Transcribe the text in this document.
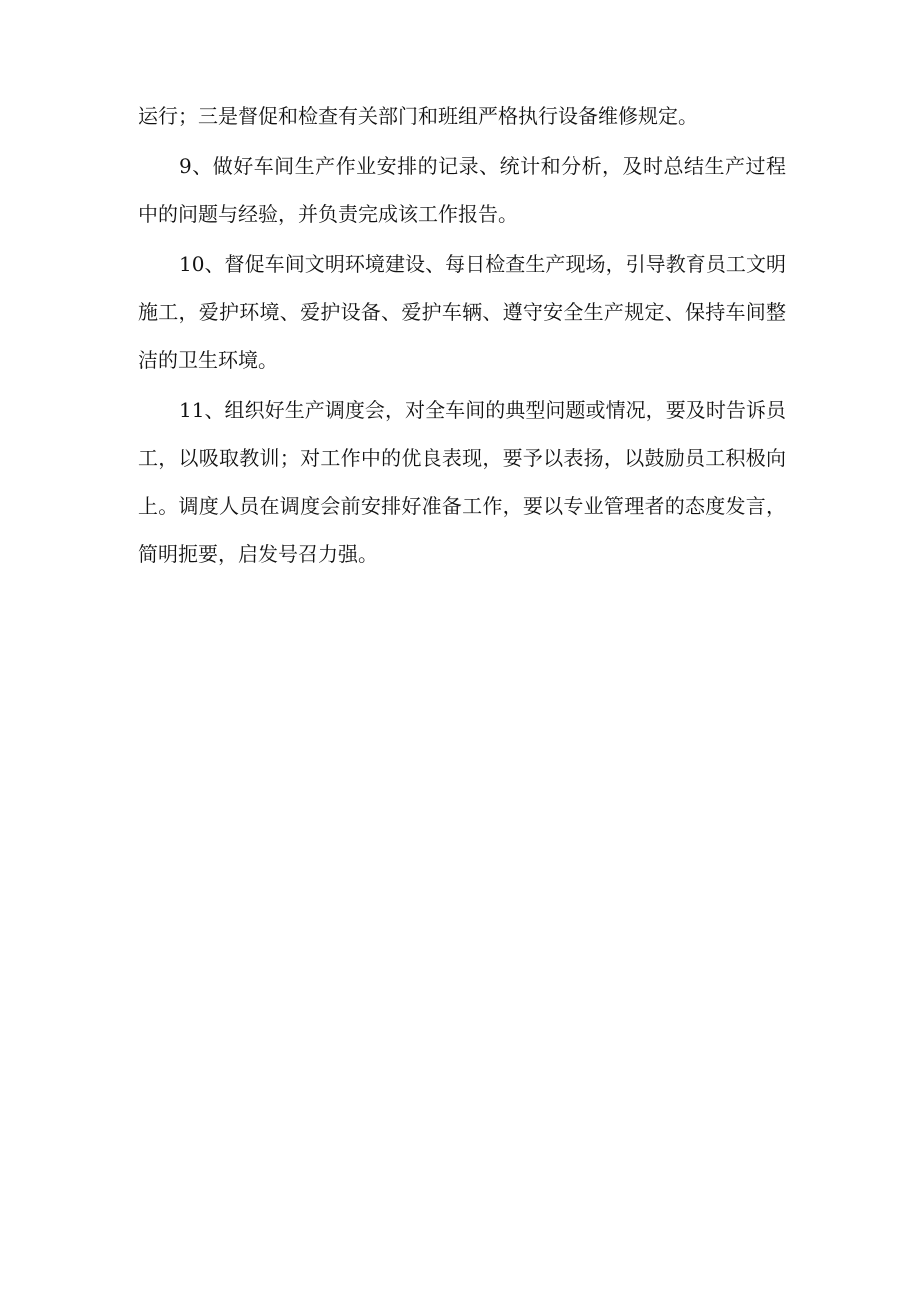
运行；三是督促和检查有关部门和班组严格执行设备维修规定。

9、做好车间生产作业安排的记录、统计和分析，及时总结生产过程中的问题与经验，并负责完成该工作报告。

10、督促车间文明环境建设、每日检查生产现场，引导教育员工文明施工，爱护环境、爱护设备、爱护车辆、遵守安全生产规定、保持车间整洁的卫生环境。

11、组织好生产调度会，对全车间的典型问题或情况，要及时告诉员工，以吸取教训；对工作中的优良表现，要予以表扬，以鼓励员工积极向上。调度人员在调度会前安排好准备工作，要以专业管理者的态度发言，简明扼要，启发号召力强。
